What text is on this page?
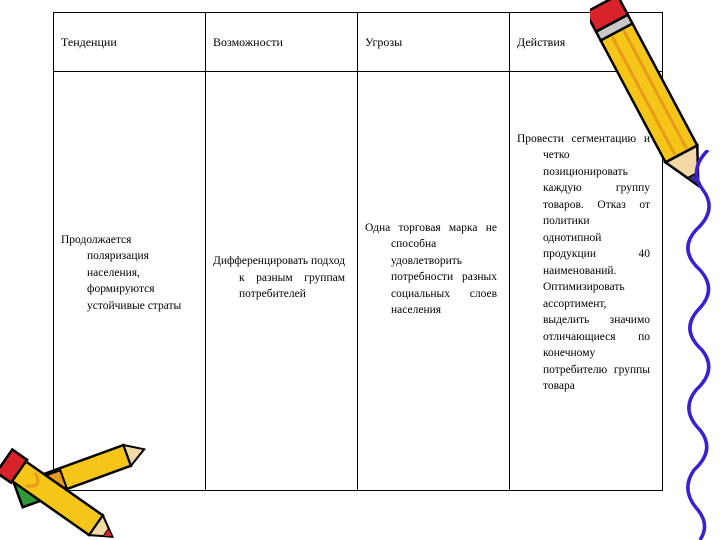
Тенденции	Возможности	Угрозы	Действия

Продолжается поляризация населения, формируются устойчивые страты	Дифференцировать подход к разным группам потребителей	Одна торговая марка не способна удовлетворить потребности разных социальных слоев населения	Провести сегментацию и четко позиционировать каждую группу товаров. Отказ от политики однотипной продукции 40 наименований. Оптимизировать ассортимент, выделить значимо отличающиеся по конечному потребителю группы товара
